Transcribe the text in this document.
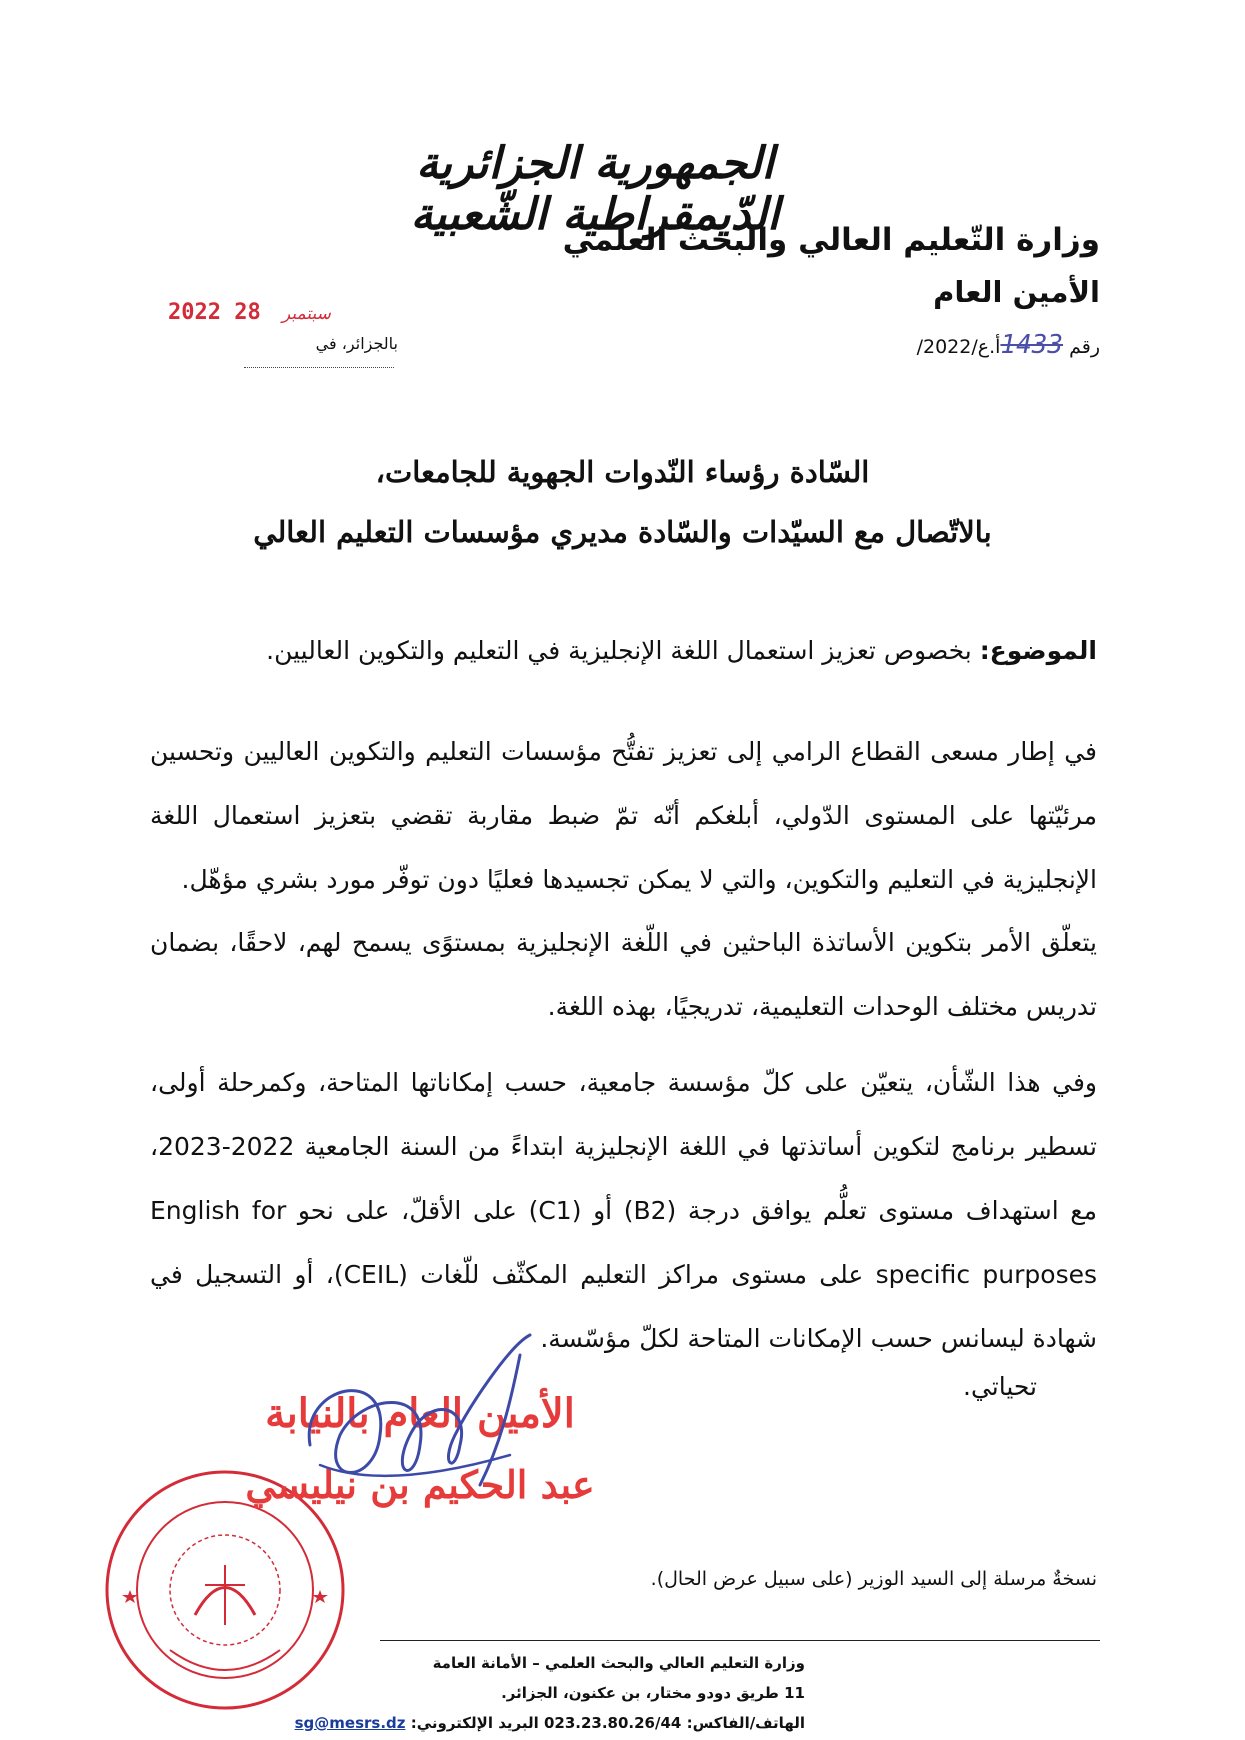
الجمهورية الجزائرية الدّيمقراطية الشّعبية
وزارة التّعليم العالي والبحث العلمي
الأمين العام
رقم 1433/أ.ع/2022
2022	سبتمبر 28
بالجزائر، في
السّادة رؤساء النّدوات الجهوية للجامعات،
بالاتّصال مع السيّدات والسّادة مديري مؤسسات التعليم العالي
الموضوع: بخصوص تعزيز استعمال اللغة الإنجليزية في التعليم والتكوين العاليين.
في إطار مسعى القطاع الرامي إلى تعزيز تفتُّح مؤسسات التعليم والتكوين العاليين وتحسين مرئيّتها على المستوى الدّولي، أبلغكم أنّه تمّ ضبط مقاربة تقضي بتعزيز استعمال اللغة الإنجليزية في التعليم والتكوين، والتي لا يمكن تجسيدها فعليًا دون توفّر مورد بشري مؤهّل.
يتعلّق الأمر بتكوين الأساتذة الباحثين في اللّغة الإنجليزية بمستوًى يسمح لهم، لاحقًا، بضمان تدريس مختلف الوحدات التعليمية، تدريجيًا، بهذه اللغة.
وفي هذا الشّأن، يتعيّن على كلّ مؤسسة جامعية، حسب إمكاناتها المتاحة، وكمرحلة أولى، تسطير برنامج لتكوين أساتذتها في اللغة الإنجليزية ابتداءً من السنة الجامعية 2022-2023، مع استهداف مستوى تعلُّم يوافق درجة (B2) أو (C1) على الأقلّ، على نحو English for specific purposes على مستوى مراكز التعليم المكثّف للّغات (CEIL)، أو التسجيل في شهادة ليسانس حسب الإمكانات المتاحة لكلّ مؤسّسة.
تحياتي.
الأمين العام بالنيابة
عبد الحكيم بن نيليسي
نسخةٌ مرسلة إلى السيد الوزير (على سبيل عرض الحال).
وزارة التعليم العالي والبحث العلمي – الأمانة العامة
11 طريق دودو مختار، بن عكنون، الجزائر.
الهاتف/الفاكس: 023.23.80.26/44 البريد الإلكتروني: sg@mesrs.dz
